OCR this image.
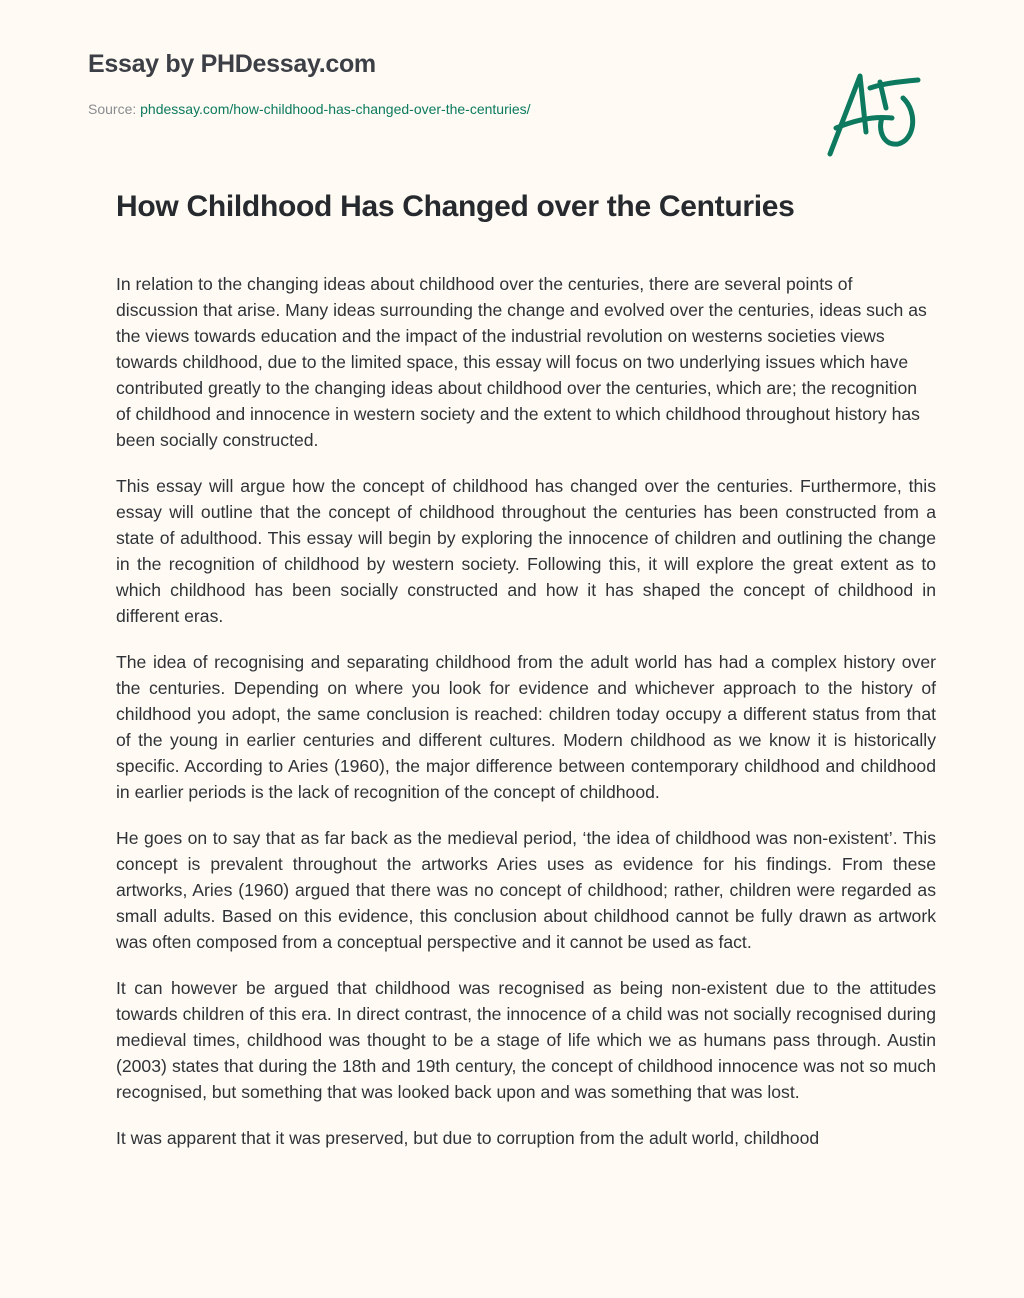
Essay by PHDessay.com
Source: phdessay.com/how-childhood-has-changed-over-the-centuries/
How Childhood Has Changed over the Centuries

In relation to the changing ideas about childhood over the centuries, there are several points of discussion that arise. Many ideas surrounding the change and evolved over the centuries, ideas such as the views towards education and the impact of the industrial revolution on westerns societies views towards childhood, due to the limited space, this essay will focus on two underlying issues which have contributed greatly to the changing ideas about childhood over the centuries, which are; the recognition of childhood and innocence in western society and the extent to which childhood throughout history has been socially constructed.

This essay will argue how the concept of childhood has changed over the centuries. Furthermore, this essay will outline that the concept of childhood throughout the centuries has been constructed from a state of adulthood. This essay will begin by exploring the innocence of children and outlining the change in the recognition of childhood by western society. Following this, it will explore the great extent as to which childhood has been socially constructed and how it has shaped the concept of childhood in different eras.

The idea of recognising and separating childhood from the adult world has had a complex history over the centuries. Depending on where you look for evidence and whichever approach to the history of childhood you adopt, the same conclusion is reached: children today occupy a different status from that of the young in earlier centuries and different cultures. Modern childhood as we know it is historically specific. According to Aries (1960), the major difference between contemporary childhood and childhood in earlier periods is the lack of recognition of the concept of childhood.

He goes on to say that as far back as the medieval period, ‘the idea of childhood was non-existent’. This concept is prevalent throughout the artworks Aries uses as evidence for his findings. From these artworks, Aries (1960) argued that there was no concept of childhood; rather, children were regarded as small adults. Based on this evidence, this conclusion about childhood cannot be fully drawn as artwork was often composed from a conceptual perspective and it cannot be used as fact.

It can however be argued that childhood was recognised as being non-existent due to the attitudes towards children of this era. In direct contrast, the innocence of a child was not socially recognised during medieval times, childhood was thought to be a stage of life which we as humans pass through. Austin (2003) states that during the 18th and 19th century, the concept of childhood innocence was not so much recognised, but something that was looked back upon and was something that was lost.

It was apparent that it was preserved, but due to corruption from the adult world, childhood
